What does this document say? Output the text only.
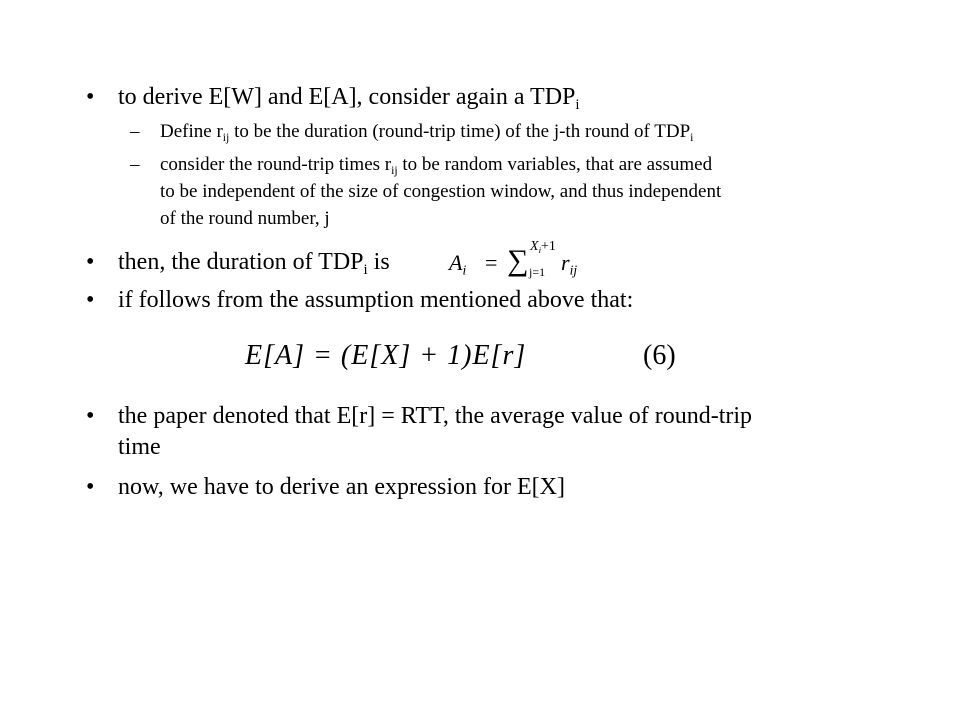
• to derive E[W] and E[A], consider again a $TDP_i$
– Define $r_{ij}$ to be the duration (round-trip time) of the j-th round of $TDP_i$
– consider the round-trip times $r_{ij}$ to be random variables, that are assumed
to be independent of the size of congestion window, and thus independent
of the round number, j
• then, the duration of $TDP_i$ is	$A_i$ = ∑ $X_i+1$
j=1 $r_{ij}$
• if follows from the assumption mentioned above that:
E[A] = (E[X] + 1)E[r]	(6)
• the paper denoted that E[r] = RTT, the average value of round-trip
time
• now, we have to derive an expression for E[X]
